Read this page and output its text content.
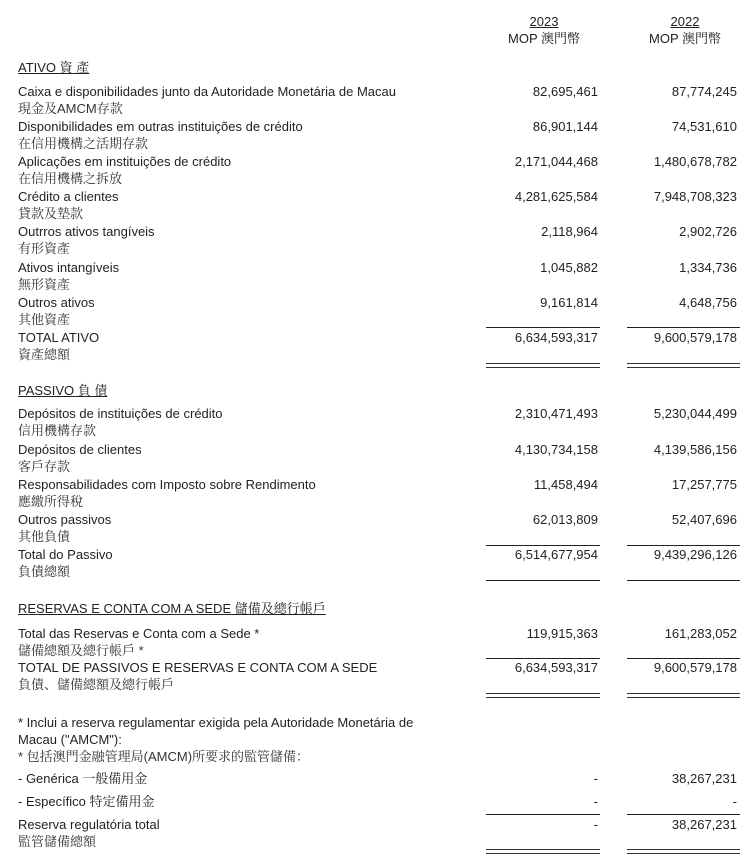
2023
MOP 澳門幣
2022
MOP 澳門幣
ATIVO 資 產
Caixa e disponibilidades junto da Autoridade Monetária de Macau
現金及AMCM存款
82,695,461	87,774,245
Disponibilidades em outras instituições de crédito
在信用機構之活期存款
86,901,144	74,531,610
Aplicações em instituições de crédito
在信用機構之拆放
2,171,044,468	1,480,678,782
Crédito a clientes
貸款及墊款
4,281,625,584	7,948,708,323
Outrros ativos tangíveis
有形資產
2,118,964	2,902,726
Ativos intangíveis
無形資產
1,045,882	1,334,736
Outros ativos
其他資產
9,161,814	4,648,756
TOTAL ATIVO
資產總額
6,634,593,317	9,600,579,178
PASSIVO 負 債
Depósitos de instituições de crédito
信用機構存款
2,310,471,493	5,230,044,499
Depósitos de clientes
客戶存款
4,130,734,158	4,139,586,156
Responsabilidades com Imposto sobre Rendimento
應繳所得稅
11,458,494	17,257,775
Outros passivos
其他負債
62,013,809	52,407,696
Total do Passivo
負債總額
6,514,677,954	9,439,296,126
RESERVAS E CONTA COM A SEDE 儲備及總行帳戶
Total das Reservas e Conta com a Sede *
儲備總額及總行帳戶 *
119,915,363	161,283,052
TOTAL DE PASSIVOS E RESERVAS E CONTA COM A SEDE
負債、儲備總額及總行帳戶
6,634,593,317	9,600,579,178
* Inclui a reserva regulamentar exigida pela Autoridade Monetária de
Macau ("AMCM"):
* 包括澳門金融管理局(AMCM)所要求的監管儲備：
- Genérica 一般備用金	-	38,267,231
- Específico 特定備用金	-	-
Reserva regulatória total
監管儲備總額
-	38,267,231
